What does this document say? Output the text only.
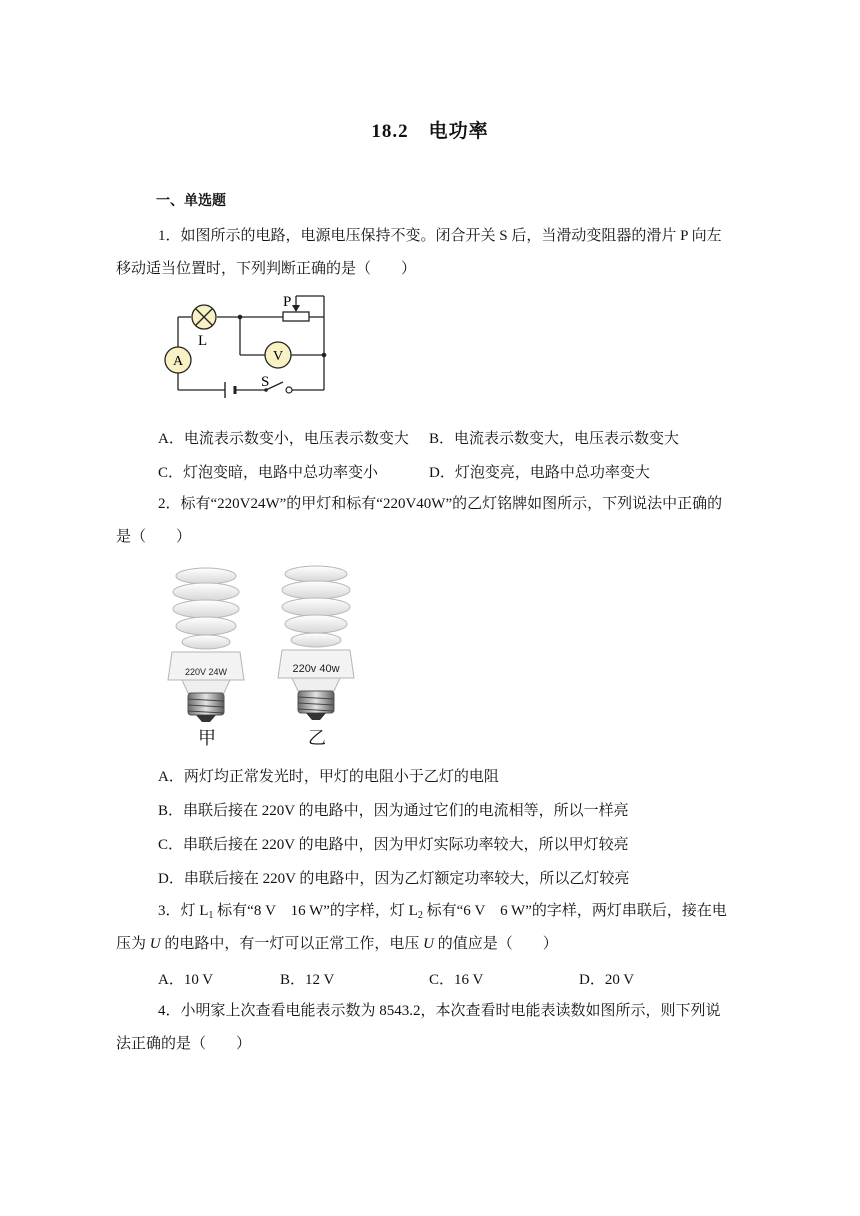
18.2　电功率
一、单选题
1．如图所示的电路，电源电压保持不变。闭合开关 S 后，当滑动变阻器的滑片 P 向左
移动适当位置时，下列判断正确的是（　　）
P
L
A	V
S
A．电流表示数变小，电压表示数变大 B．电流表示数变大，电压表示数变大
C．灯泡变暗，电路中总功率变小	D．灯泡变亮，电路中总功率变大
2．标有“220V24W”的甲灯和标有“220V40W”的乙灯铭牌如图所示，下列说法中正确的
是（　　）
220V 24W
甲
220v 40w
乙
A．两灯均正常发光时，甲灯的电阻小于乙灯的电阻
B．串联后接在 220V 的电路中，因为通过它们的电流相等，所以一样亮
C．串联后接在 220V 的电路中，因为甲灯实际功率较大，所以甲灯较亮
D．串联后接在 220V 的电路中，因为乙灯额定功率较大，所以乙灯较亮
3．灯 $L_1$ 标有“8 V　16 W”的字样，灯 $L_2$ 标有“6 V　6 W”的字样，两灯串联后，接在电
压为 U 的电路中，有一灯可以正常工作，电压 U 的值应是（　　）
A．10 V	B．12 V	C．16 V	D．20 V
4．小明家上次查看电能表示数为 8543.2，本次查看时电能表读数如图所示，则下列说
法正确的是（　　）
